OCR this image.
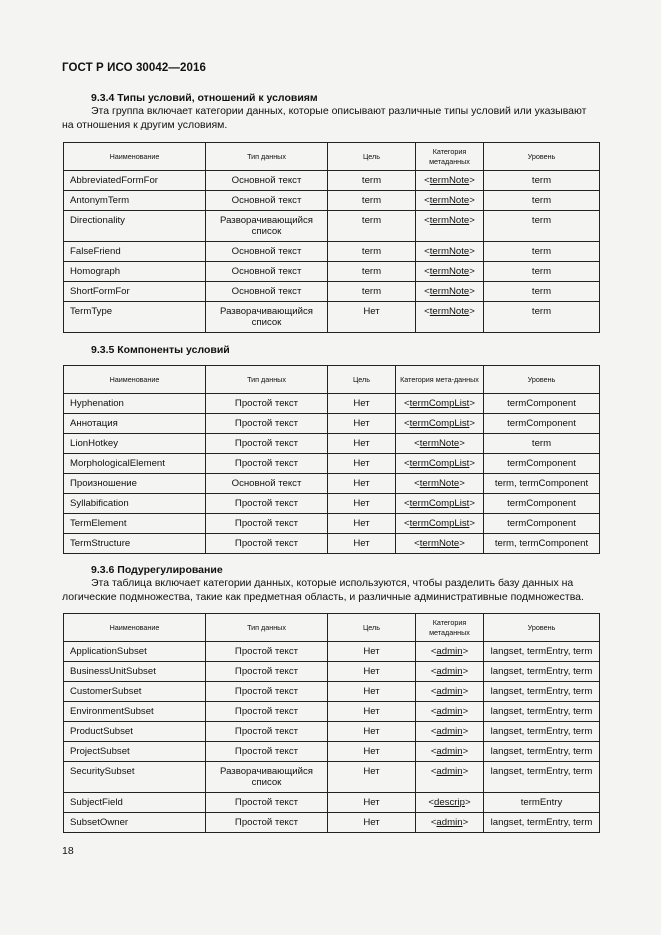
ГОСТ Р ИСО 30042—2016
9.3.4 Типы условий, отношений к условиям
Эта группа включает категории данных, которые описывают различные типы условий или указывают на отношения к другим условиям.
Наименование	Тип данных	Цель	Категория метаданных	Уровень
AbbreviatedFormFor	Основной текст	term	<termNote>	term
AntonymTerm	Основной текст	term	<termNote>	term
Directionality	Разворачивающийся список	term	<termNote>	term
FalseFriend	Основной текст	term	<termNote>	term
Homograph	Основной текст	term	<termNote>	term
ShortFormFor	Основной текст	term	<termNote>	term
TermType	Разворачивающийся список	Нет	<termNote>	term
9.3.5 Компоненты условий
Наименование	Тип данных	Цель	Категория мета-данных	Уровень
Hyphenation	Простой текст	Нет	<termCompList>	termComponent
Аннотация	Простой текст	Нет	<termCompList>	termComponent
LionHotkey	Простой текст	Нет	<termNote>	term
MorphologicalElement	Простой текст	Нет	<termCompList>	termComponent
Произношение	Основной текст	Нет	<termNote>	term, termComponent
Syllabification	Простой текст	Нет	<termCompList>	termComponent
TermElement	Простой текст	Нет	<termCompList>	termComponent
TermStructure	Простой текст	Нет	<termNote>	term, termComponent
9.3.6 Подурегулирование
Эта таблица включает категории данных, которые используются, чтобы разделить базу данных на логические подмножества, такие как предметная область, и различные административные подмножества.
Наименование	Тип данных	Цель	Категория метаданных	Уровень
ApplicationSubset	Простой текст	Нет	<admin>	langset, termEntry, term
BusinessUnitSubset	Простой текст	Нет	<admin>	langset, termEntry, term
CustomerSubset	Простой текст	Нет	<admin>	langset, termEntry, term
EnvironmentSubset	Простой текст	Нет	<admin>	langset, termEntry, term
ProductSubset	Простой текст	Нет	<admin>	langset, termEntry, term
ProjectSubset	Простой текст	Нет	<admin>	langset, termEntry, term
SecuritySubset	Разворачивающийся список	Нет	<admin>	langset, termEntry, term
SubjectField	Простой текст	Нет	<descrip>	termEntry
SubsetOwner	Простой текст	Нет	<admin>	langset, termEntry, term
18
